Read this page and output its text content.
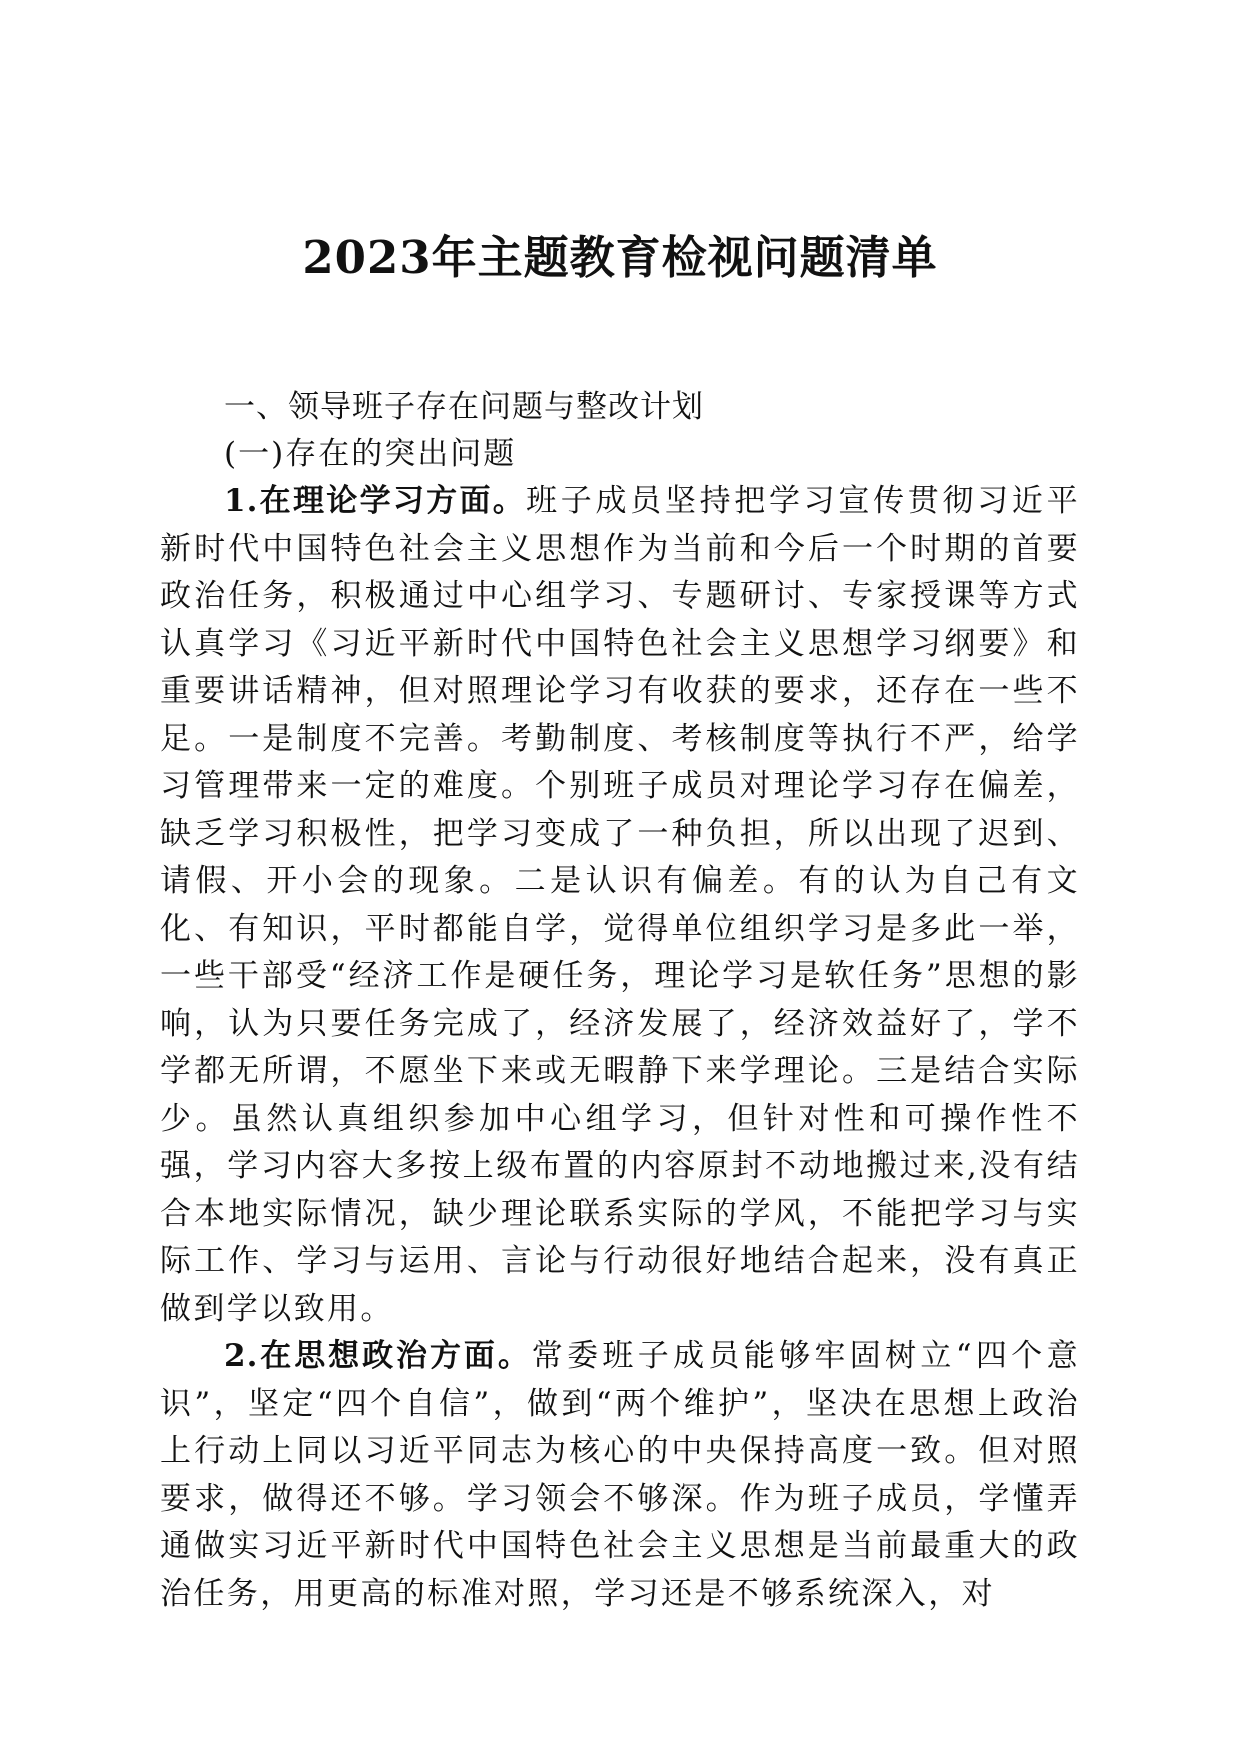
2023年主题教育检视问题清单

一、领导班子存在问题与整改计划

(一)存在的突出问题

1.在理论学习方面。班子成员坚持把学习宣传贯彻习近平新时代中国特色社会主义思想作为当前和今后一个时期的首要政治任务，积极通过中心组学习、专题研讨、专家授课等方式认真学习《习近平新时代中国特色社会主义思想学习纲要》和重要讲话精神，但对照理论学习有收获的要求，还存在一些不足。一是制度不完善。考勤制度、考核制度等执行不严，给学习管理带来一定的难度。个别班子成员对理论学习存在偏差，缺乏学习积极性，把学习变成了一种负担，所以出现了迟到、请假、开小会的现象。二是认识有偏差。有的认为自己有文化、有知识，平时都能自学，觉得单位组织学习是多此一举，一些干部受“经济工作是硬任务，理论学习是软任务”思想的影响，认为只要任务完成了，经济发展了，经济效益好了，学不学都无所谓，不愿坐下来或无暇静下来学理论。三是结合实际少。虽然认真组织参加中心组学习，但针对性和可操作性不强，学习内容大多按上级布置的内容原封不动地搬过来,没有结合本地实际情况，缺少理论联系实际的学风，不能把学习与实际工作、学习与运用、言论与行动很好地结合起来，没有真正做到学以致用。

2.在思想政治方面。常委班子成员能够牢固树立“四个意识”，坚定“四个自信”，做到“两个维护”，坚决在思想上政治上行动上同以习近平同志为核心的中央保持高度一致。但对照要求，做得还不够。学习领会不够深。作为班子成员，学懂弄通做实习近平新时代中国特色社会主义思想是当前最重大的政治任务，用更高的标准对照，学习还是不够系统深入，对
